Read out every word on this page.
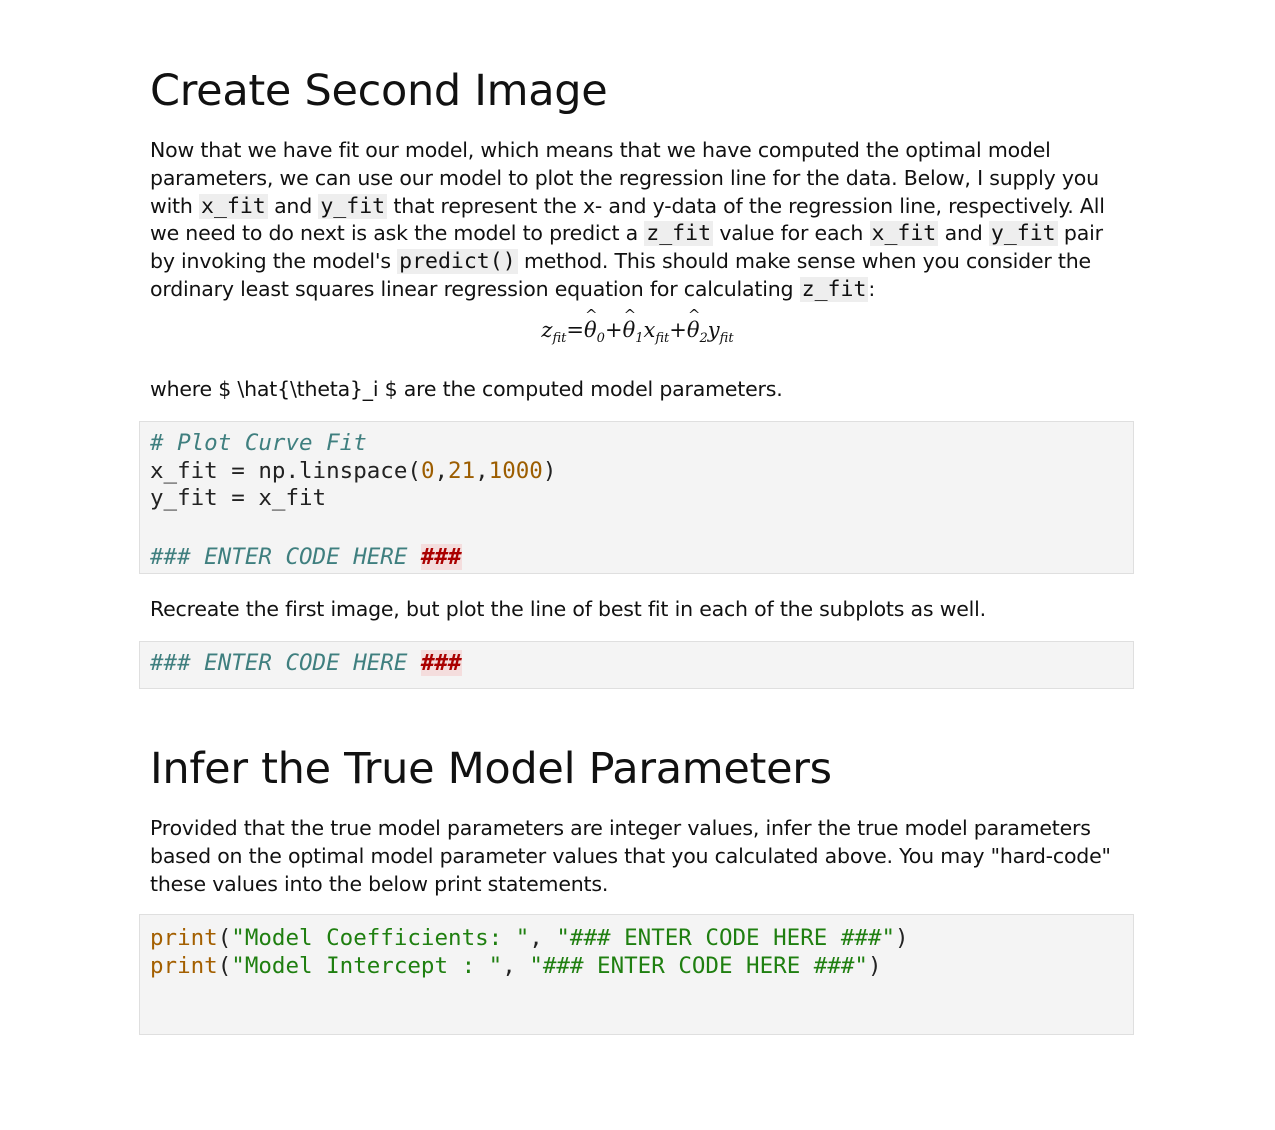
Create Second Image

Now that we have fit our model, which means that we have computed the optimal model parameters, we can use our model to plot the regression line for the data. Below, I supply you with x_fit and y_fit that represent the x- and y-data of the regression line, respectively. All we need to do next is ask the model to predict a z_fit value for each x_fit and y_fit pair by invoking the model's predict() method. This should make sense when you consider the ordinary least squares linear regression equation for calculating z_fit:

$z_{fit}=\^{}$ $\theta_0+\^{}$ $\theta_1x_{fit}+\^{}$ $\theta_2y_{fit}$

where $ \hat{\theta}_i $ are the computed model parameters.

# Plot Curve Fit
x_fit = np.linspace(0,21,1000)
y_fit = x_fit

### ENTER CODE HERE ###

Recreate the first image, but plot the line of best fit in each of the subplots as well.

### ENTER CODE HERE ###
Infer the True Model Parameters

Provided that the true model parameters are integer values, infer the true model parameters based on the optimal model parameter values that you calculated above. You may "hard-code" these values into the below print statements.

print("Model Coefficients: ", "### ENTER CODE HERE ###")
print("Model Intercept : ", "### ENTER CODE HERE ###")
